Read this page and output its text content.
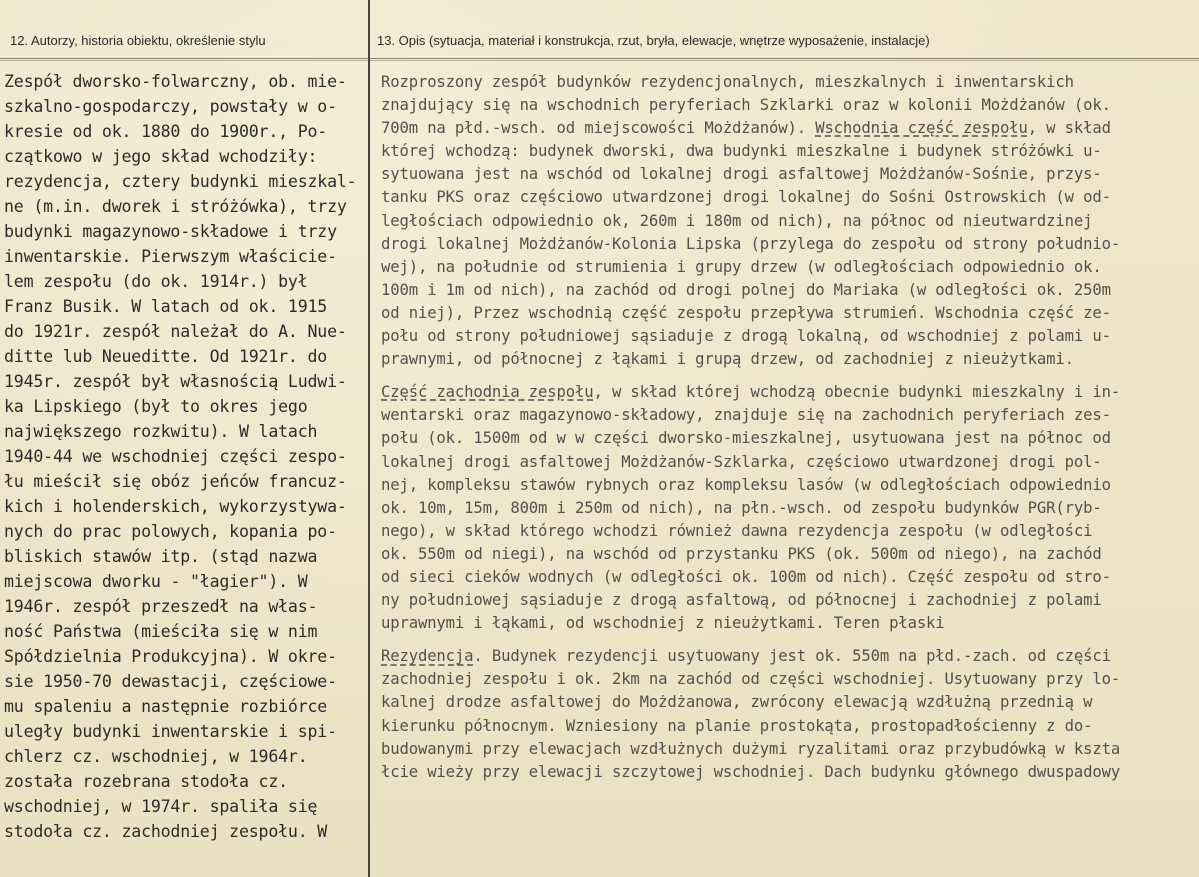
12. Autorzy, historia obiektu, określenie stylu	13. Opis (sytuacja, materiał i konstrukcja, rzut, bryła, elewacje, wnętrze wyposażenie, instalacje)
Zespół dworsko-folwarczny, ob. mie-
szkalno-gospodarczy, powstały w o-
kresie od ok. 1880 do 1900r., Po-
czątkowo w jego skład wchodziły:
rezydencja, cztery budynki mieszkal-
ne (m.in. dworek i stróżówka), trzy
budynki magazynowo-składowe i trzy
inwentarskie. Pierwszym właściciе-
lem zespołu (do ok. 1914r.) był
Franz Busik. W latach od ok. 1915
do 1921r. zespół należał do A. Nue-
ditte lub Neueditte. Od 1921r. do
1945r. zespół był własnością Ludwi-
ka Lipskiego (był to okres jego
największego rozkwitu). W latach
1940-44 we wschodniej części zespo-
łu mieścił się obóz jeńców francuz-
kich i holenderskich, wykorzystywa-
nych do prac polowych, kopania po-
bliskich stawów itp. (stąd nazwa
miejscowa dworku - "łagier"). W
1946r. zespół przeszedł na włas-
ność Państwa (mieściła się w nim
Spółdzielnia Produkcyjna). W okre-
sie 1950-70 dewastacji, częściowe-
mu spaleniu a następnie rozbiórce
uległy budynki inwentarskie i spi-
chlerz cz. wschodniej, w 1964r.
została rozebrana stodoła cz.
wschodniej, w 1974r. spaliła się
stodoła cz. zachodniej zespołu. W
Rozproszony zespół budynków rezydencjonalnych, mieszkalnych i inwentarskich
znajdujący się na wschodnich peryferiach Szklarki oraz w kolonii Możdżanów (ok.
700m na płd.-wsch. od miejscowości Możdżanów). Wschodnia część zespołu, w skład
której wchodzą: budynek dworski, dwa budynki mieszkalne i budynek stróżówki u-
sytuowana jest na wschód od lokalnej drogi asfaltowej Możdżanów-Sośnie, przys-
tanku PKS oraz częściowo utwardzonej drogi lokalnej do Sośni Ostrowskich (w od-
ległościach odpowiednio ok, 260m i 180m od nich), na północ od nieutwardzinej
drogi lokalnej Możdżanów-Kolonia Lipska (przylega do zespołu od strony południo-
wej), na południe od strumienia i grupy drzew (w odległościach odpowiednio ok.
100m i 1m od nich), na zachód od drogi polnej do Mariaka (w odległości ok. 250m
od niej), Przez wschodnią część zespołu przepływa strumień. Wschodnia część ze-
połu od strony południowej sąsiaduje z drogą lokalną, od wschodniej z polami u-
prawnymi, od północnej z łąkami i grupą drzew, od zachodniej z nieużytkami.
Część zachodnia zespołu, w skład której wchodzą obecnie budynki mieszkalny i in-
wentarski oraz magazynowo-składowy, znajduje się na zachodnich peryferiach zes-
połu (ok. 1500m od w w części dworsko-mieszkalnej, usytuowana jest na północ od
lokalnej drogi asfaltowej Możdżanów-Szklarka, częściowo utwardzonej drogi pol-
nej, kompleksu stawów rybnych oraz kompleksu lasów (w odległościach odpowiednio
ok. 10m, 15m, 800m i 250m od nich), na płn.-wsch. od zespołu budynków PGR(ryb-
nego), w skład którego wchodzi również dawna rezydencja zespołu (w odległości
ok. 550m od niegi), na wschód od przystanku PKS (ok. 500m od niego), na zachód
od sieci cieków wodnych (w odległości ok. 100m od nich). Część zespołu od stro-
ny południowej sąsiaduje z drogą asfaltową, od północnej i zachodniej z polami
uprawnymi i łąkami, od wschodniej z nieużytkami. Teren płaski
Rezydencja. Budynek rezydencji usytuowany jest ok. 550m na płd.-zach. od części
zachodniej zespołu i ok. 2km na zachód od części wschodniej. Usytuowany przy lo-
kalnej drodze asfaltowej do Możdżanowa, zwrócony elewacją wzdłużną przednią w
kierunku północnym. Wzniesiony na planie prostokąta, prostopadłościenny z do-
budowanymi przy elewacjach wzdłużnych dużymi ryzalitami oraz przybudówką w ksztа
łcie wieży przy elewacji szczytowej wschodniej. Dach budynku głównego dwuspadowy
